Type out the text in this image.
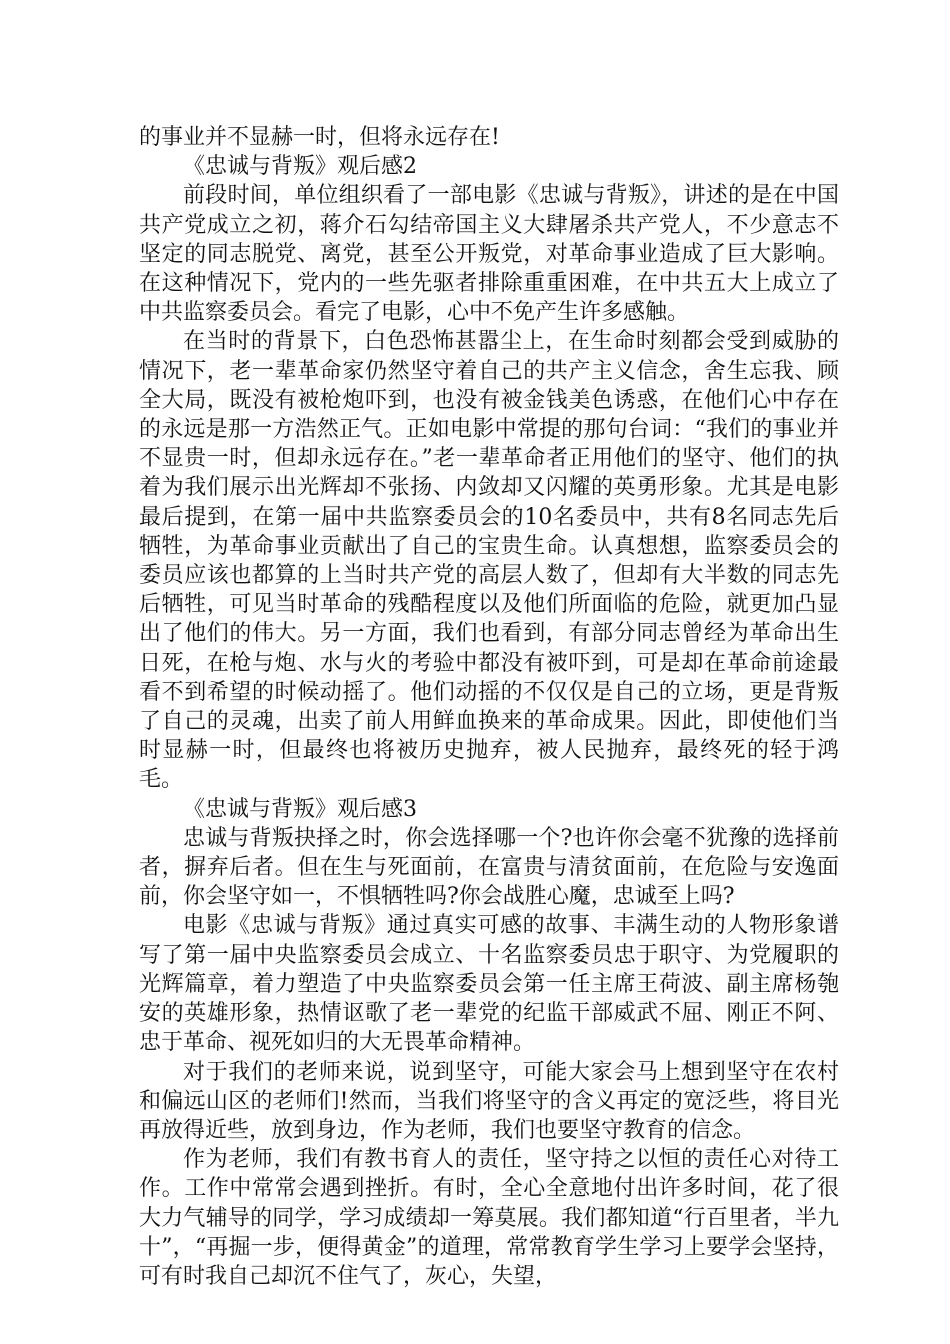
的事业并不显赫一时，但将永远存在!

《忠诚与背叛》观后感2

前段时间，单位组织看了一部电影《忠诚与背叛》，讲述的是在中国共产党成立之初，蒋介石勾结帝国主义大肆屠杀共产党人，不少意志不坚定的同志脱党、离党，甚至公开叛党，对革命事业造成了巨大影响。在这种情况下，党内的一些先驱者排除重重困难，在中共五大上成立了中共监察委员会。看完了电影，心中不免产生许多感触。

在当时的背景下，白色恐怖甚嚣尘上，在生命时刻都会受到威胁的情况下，老一辈革命家仍然坚守着自己的共产主义信念，舍生忘我、顾全大局，既没有被枪炮吓到，也没有被金钱美色诱惑，在他们心中存在的永远是那一方浩然正气。正如电影中常提的那句台词：“我们的事业并不显贵一时，但却永远存在。”老一辈革命者正用他们的坚守、他们的执着为我们展示出光辉却不张扬、内敛却又闪耀的英勇形象。尤其是电影最后提到，在第一届中共监察委员会的10名委员中，共有8名同志先后牺牲，为革命事业贡献出了自己的宝贵生命。认真想想，监察委员会的委员应该也都算的上当时共产党的高层人数了，但却有大半数的同志先后牺牲，可见当时革命的残酷程度以及他们所面临的危险，就更加凸显出了他们的伟大。另一方面，我们也看到，有部分同志曾经为革命出生日死，在枪与炮、水与火的考验中都没有被吓到，可是却在革命前途最看不到希望的时候动摇了。他们动摇的不仅仅是自己的立场，更是背叛了自己的灵魂，出卖了前人用鲜血换来的革命成果。因此，即使他们当时显赫一时，但最终也将被历史抛弃，被人民抛弃，最终死的轻于鸿毛。

《忠诚与背叛》观后感3

忠诚与背叛抉择之时，你会选择哪一个?也许你会毫不犹豫的选择前者，摒弃后者。但在生与死面前，在富贵与清贫面前，在危险与安逸面前，你会坚守如一，不惧牺牲吗?你会战胜心魔，忠诚至上吗?

电影《忠诚与背叛》通过真实可感的故事、丰满生动的人物形象谱写了第一届中央监察委员会成立、十名监察委员忠于职守、为党履职的光辉篇章，着力塑造了中央监察委员会第一任主席王荷波、副主席杨匏安的英雄形象，热情讴歌了老一辈党的纪监干部威武不屈、刚正不阿、忠于革命、视死如归的大无畏革命精神。

对于我们的老师来说，说到坚守，可能大家会马上想到坚守在农村和偏远山区的老师们!然而，当我们将坚守的含义再定的宽泛些，将目光再放得近些，放到身边，作为老师，我们也要坚守教育的信念。

作为老师，我们有教书育人的责任，坚守持之以恒的责任心对待工作。工作中常常会遇到挫折。有时，全心全意地付出许多时间，花了很大力气辅导的同学，学习成绩却一筹莫展。我们都知道“行百里者，半九十”，“再掘一步，便得黄金”的道理，常常教育学生学习上要学会坚持，可有时我自己却沉不住气了，灰心，失望，
